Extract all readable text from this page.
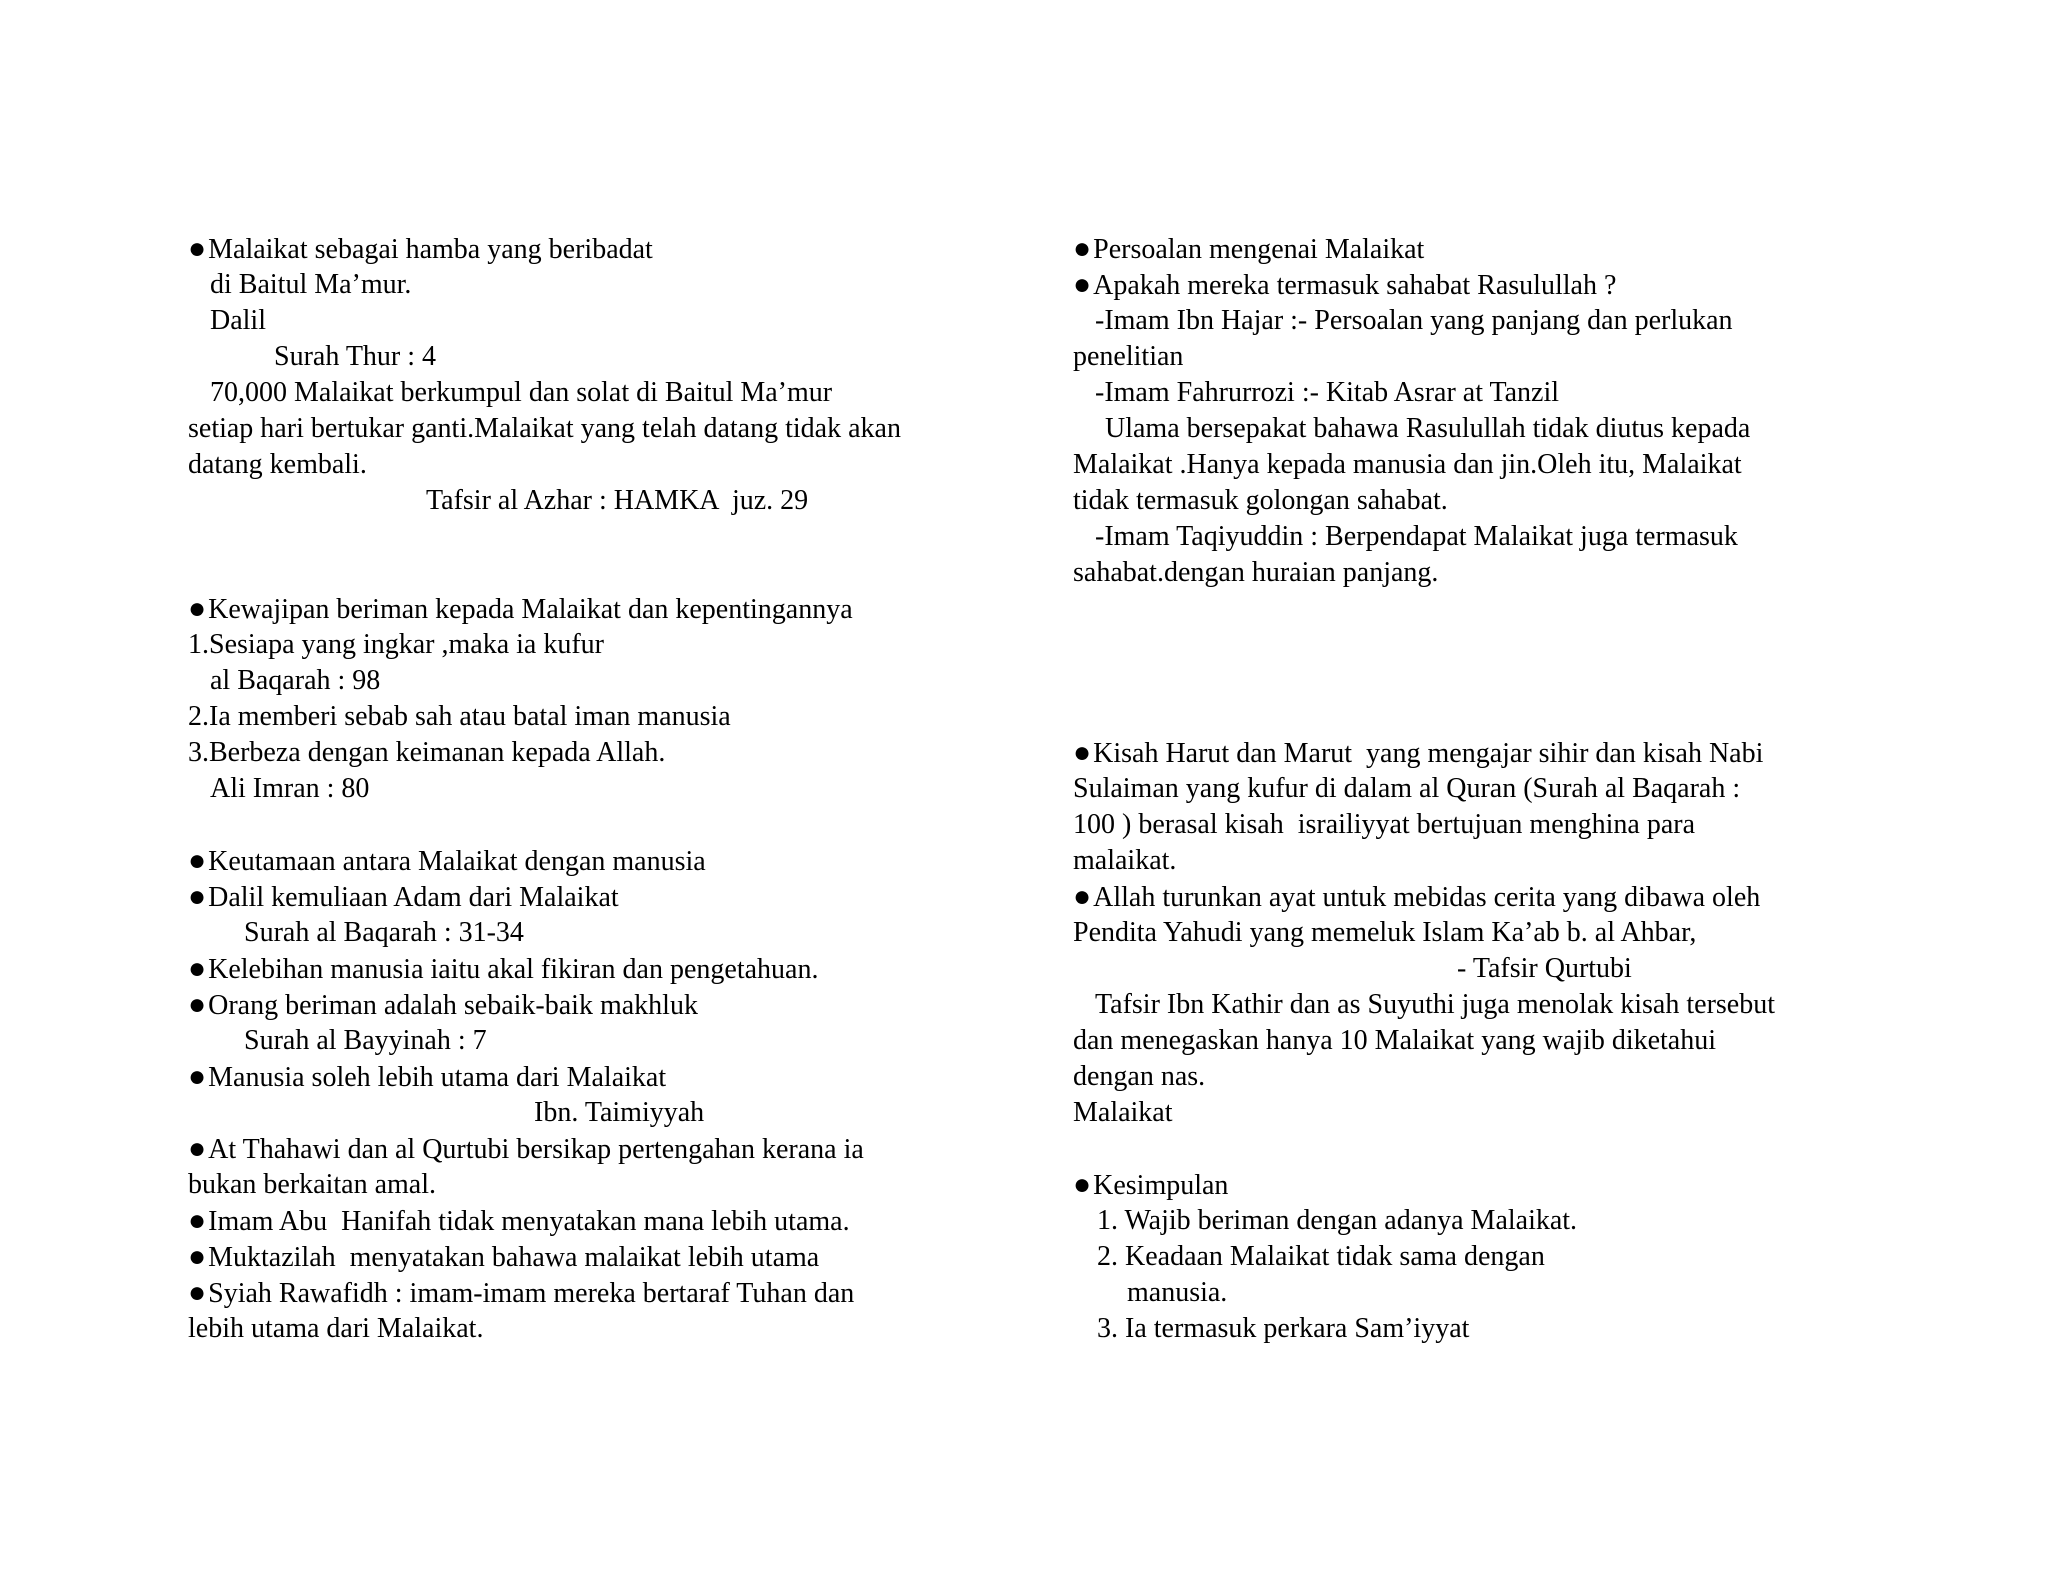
● Malaikat sebagai hamba yang beribadat
di Baitul Ma’mur.
Dalil
Surah Thur : 4
70,000 Malaikat berkumpul dan solat di Baitul Ma’mur
setiap hari bertukar ganti.Malaikat yang telah datang tidak akan
datang kembali.
Tafsir al Azhar : HAMKA  juz. 29
● Kewajipan beriman kepada Malaikat dan kepentingannya
1.Sesiapa yang ingkar ,maka ia kufur
al Baqarah : 98
2.Ia memberi sebab sah atau batal iman manusia
3.Berbeza dengan keimanan kepada Allah.
Ali Imran : 80
● Keutamaan antara Malaikat dengan manusia
● Dalil kemuliaan Adam dari Malaikat
Surah al Baqarah : 31-34
● Kelebihan manusia iaitu akal fikiran dan pengetahuan.
● Orang beriman adalah sebaik-baik makhluk
Surah al Bayyinah : 7
● Manusia soleh lebih utama dari Malaikat
Ibn. Taimiyyah
● At Thahawi dan al Qurtubi bersikap pertengahan kerana ia
bukan berkaitan amal.
● Imam Abu  Hanifah tidak menyatakan mana lebih utama.
● Muktazilah  menyatakan bahawa malaikat lebih utama
● Syiah Rawafidh : imam-imam mereka bertaraf Tuhan dan
lebih utama dari Malaikat.
● Persoalan mengenai Malaikat
● Apakah mereka termasuk sahabat Rasulullah ?
-Imam Ibn Hajar :- Persoalan yang panjang dan perlukan
penelitian
-Imam Fahrurrozi :- Kitab Asrar at Tanzil
Ulama bersepakat bahawa Rasulullah tidak diutus kepada
Malaikat .Hanya kepada manusia dan jin.Oleh itu, Malaikat
tidak termasuk golongan sahabat.
-Imam Taqiyuddin : Berpendapat Malaikat juga termasuk
sahabat.dengan huraian panjang.
● Kisah Harut dan Marut  yang mengajar sihir dan kisah Nabi
Sulaiman yang kufur di dalam al Quran (Surah al Baqarah :
100 ) berasal kisah  israiliyyat bertujuan menghina para
malaikat.
● Allah turunkan ayat untuk mebidas cerita yang dibawa oleh
Pendita Yahudi yang memeluk Islam Ka’ab b. al Ahbar,
- Tafsir Qurtubi
Tafsir Ibn Kathir dan as Suyuthi juga menolak kisah tersebut
dan menegaskan hanya 10 Malaikat yang wajib diketahui
dengan nas.
Malaikat
● Kesimpulan
1. Wajib beriman dengan adanya Malaikat.
2. Keadaan Malaikat tidak sama dengan
manusia.
3. Ia termasuk perkara Sam’iyyat
